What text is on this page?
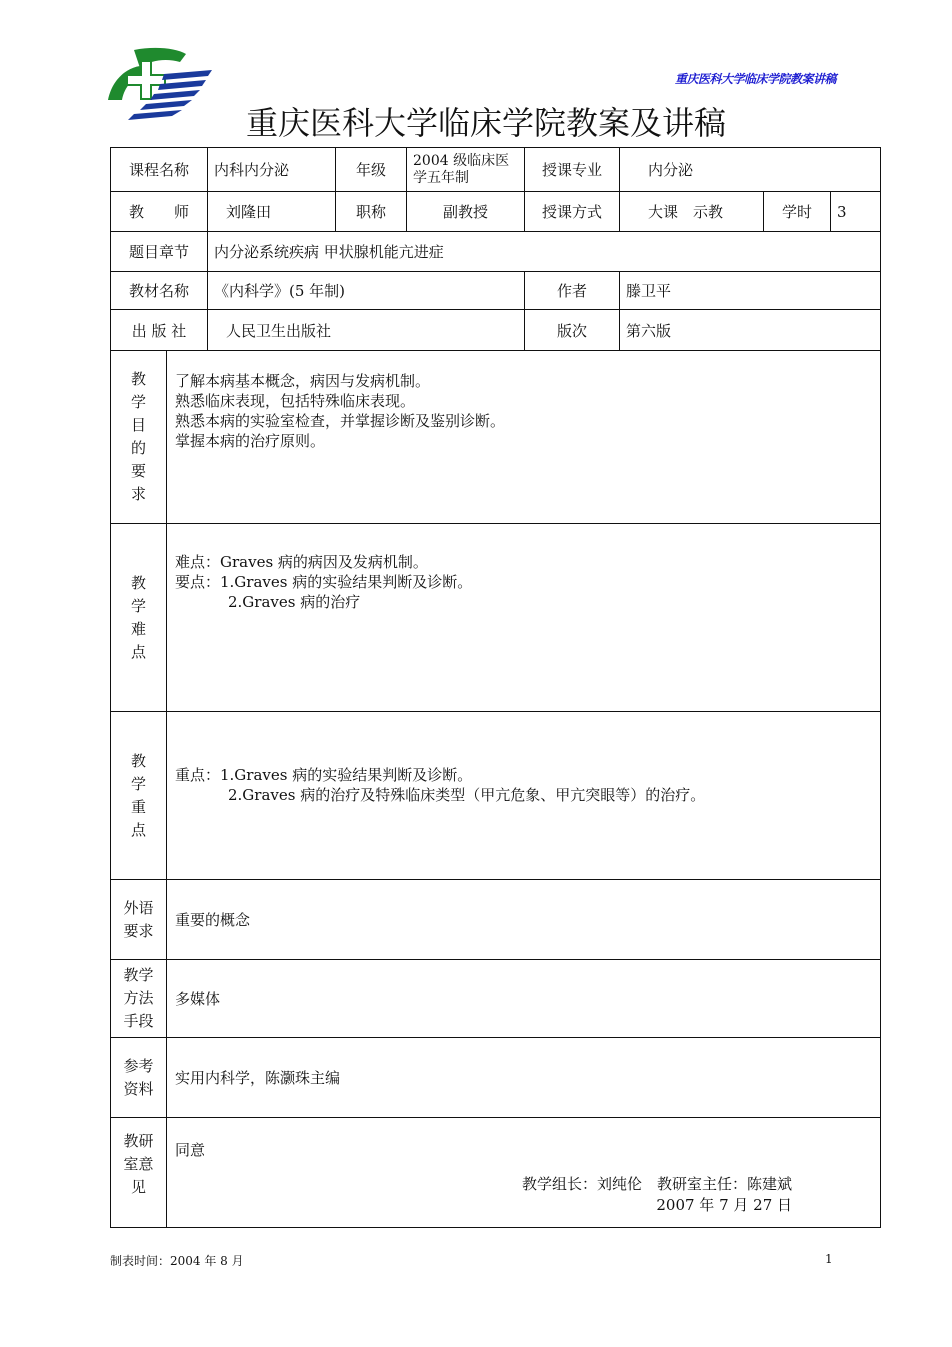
重庆医科大学临床学院教案讲稿
重庆医科大学临床学院教案及讲稿
课程名称		内科内分泌	年级	2004 级临床医学五年制	授课专业	内分泌		
教　　师		刘隆田	职称	副教授	授课方式	大课　示教	学时	3
题目章节		内分泌系统疾病 甲状腺机能亢进症						
教材名称		《内科学》(5 年制)			作者	滕卫平		
出 版 社		人民卫生出版社			版次	第六版		

教学目的要求	了解本病基本概念，病因与发病机制。
熟悉临床表现，包括特殊临床表现。
熟悉本病的实验室检查，并掌握诊断及鉴别诊断。
掌握本病的治疗原则。							

教学难点	难点：Graves 病的病因及发病机制。
要点：1.Graves 病的实验结果判断及诊断。
2.Graves 病的治疗							

教学重点	重点：1.Graves 病的实验结果判断及诊断。
2.Graves 病的治疗及特殊临床类型（甲亢危象、甲亢突眼等）的治疗。							

外语要求	重要的概念							

教学方法手段	多媒体							

参考资料	实用内科学，陈灏珠主编							

教研室意见	同意
教学组长：刘纯伦　教研室主任：陈建斌
2007 年 7 月 27 日							
制表时间：2004 年 8 月	1
